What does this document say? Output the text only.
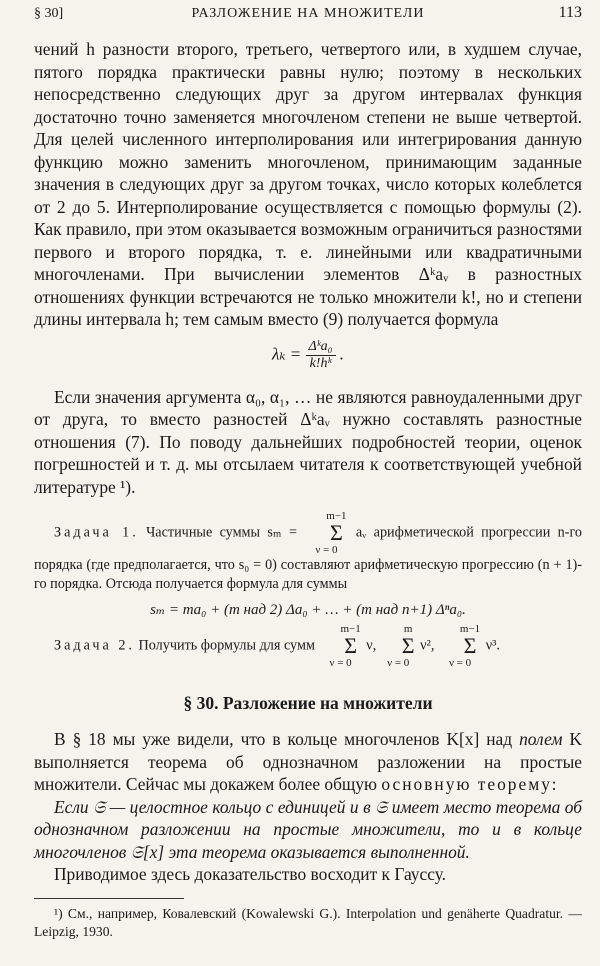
§ 30]	РАЗЛОЖЕНИЕ НА МНОЖИТЕЛИ	113

чений h разности второго, третьего, четвертого или, в худшем случае, пятого порядка практически равны нулю; поэтому в нескольких непосредственно следующих друг за другом интервалах функция достаточно точно заменяется многочленом степени не выше четвертой. Для целей численного интерполирования или интегрирования данную функцию можно заменить многочленом, принимающим заданные значения в следующих друг за другом точках, число которых колеблется от 2 до 5. Интерполирование осуществляется с помощью формулы (2). Как правило, при этом оказывается возможным ограничиться разностями первого и второго порядка, т. е. линейными или квадратичными многочленами. При вычислении элементов Δᵏaᵥ в разностных отношениях функции встречаются не только множители k!, но и степени длины интервала h; тем самым вместо (9) получается формула

$\lambda_k = \frac{\text{Δᵏa₀}}{\text{k!hᵏ}}$ .

Если значения аргумента α₀, α₁, … не являются равноудаленными друг от друга, то вместо разностей Δᵏaᵥ нужно составлять разностные отношения (7). По поводу дальнейших подробностей теории, оценок погрешностей и т. д. мы отсылаем читателя к соответствующей учебной литературе ¹).

Задача 1. Частичные суммы sₘ = m−1
Σ
ν = 0 aᵥ арифметической прогрессии n-го порядка (где предполагается, что s₀ = 0) составляют арифметическую прогрессию (n + 1)-го порядка. Отсюда получается формула для суммы

sₘ = ma₀ + (m над 2) Δa₀ + … + (m над n+1) Δⁿa₀.

Задача 2. Получить формулы для сумм m−1
Σ
ν = 0 ν, m
Σ
ν = 0 ν², m−1
Σ
ν = 0 ν³.

§ 30. Разложение на множители

В § 18 мы уже видели, что в кольце многочленов K[x] над полем K выполняется теорема об однозначном разложении на простые множители. Сейчас мы докажем более общую основную теорему:

Если 𝔖 — целостное кольцо с единицей и в 𝔖 имеет место теорема об однозначном разложении на простые множители, то и в кольце многочленов 𝔖[x] эта теорема оказывается выполненной.

Приводимое здесь доказательство восходит к Гауссу.

¹) См., например, Ковалевский (Kowalewski G.). Interpolation und genäherte Quadratur. — Leipzig, 1930.
